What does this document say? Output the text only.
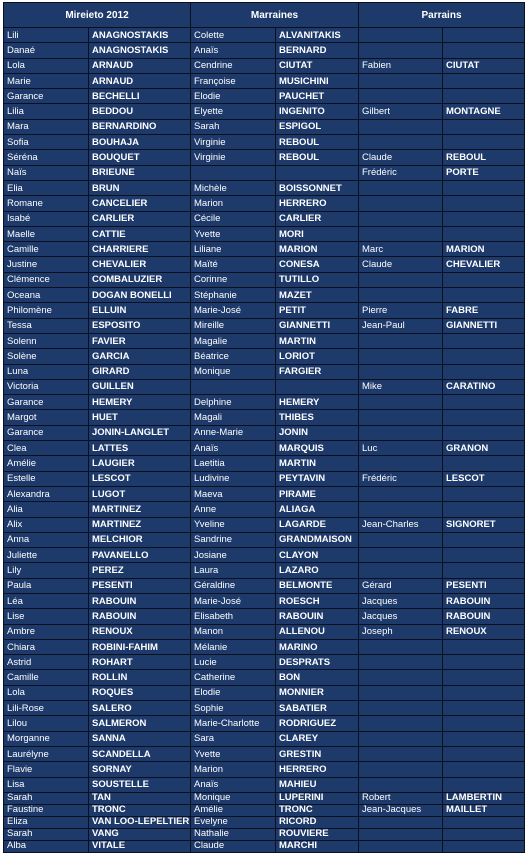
Mireieto 2012		Marraines		Parrains	
Lili	ANAGNOSTAKIS	Colette	ALVANITAKIS		
Danaé	ANAGNOSTAKIS	Anaïs	BERNARD		
Lola	ARNAUD	Cendrine	CIUTAT	Fabien	CIUTAT
Marie	ARNAUD	Françoise	MUSICHINI		
Garance	BECHELLI	Elodie	PAUCHET		
Lilia	BEDDOU	Elyette	INGENITO	Gilbert	MONTAGNE
Mara	BERNARDINO	Sarah	ESPIGOL		
Sofia	BOUHAJA	Virginie	REBOUL		
Séréna	BOUQUET	Virginie	REBOUL	Claude	REBOUL
Naïs	BRIEUNE			Frédéric	PORTE
Elia	BRUN	Michèle	BOISSONNET		
Romane	CANCELIER	Marion	HERRERO		
Isabé	CARLIER	Cécile	CARLIER		
Maelle	CATTIE	Yvette	MORI		
Camille	CHARRIERE	Liliane	MARION	Marc	MARION
Justine	CHEVALIER	Maïté	CONESA	Claude	CHEVALIER
Clémence	COMBALUZIER	Corinne	TUTILLO		
Oceana	DOGAN BONELLI	Stéphanie	MAZET		
Philomène	ELLUIN	Marie-José	PETIT	Pierre	FABRE
Tessa	ESPOSITO	Mireille	GIANNETTI	Jean-Paul	GIANNETTI
Solenn	FAVIER	Magalie	MARTIN		
Solène	GARCIA	Béatrice	LORIOT		
Luna	GIRARD	Monique	FARGIER		
Victoria	GUILLEN			Mike	CARATINO
Garance	HEMERY	Delphine	HEMERY		
Margot	HUET	Magali	THIBES		
Garance	JONIN-LANGLET	Anne-Marie	JONIN		
Clea	LATTES	Anaïs	MARQUIS	Luc	GRANON
Amélie	LAUGIER	Laetitia	MARTIN		
Estelle	LESCOT	Ludivine	PEYTAVIN	Frédéric	LESCOT
Alexandra	LUGOT	Maeva	PIRAME		
Alia	MARTINEZ	Anne	ALIAGA		
Alix	MARTINEZ	Yveline	LAGARDE	Jean-Charles	SIGNORET
Anna	MELCHIOR	Sandrine	GRANDMAISON		
Juliette	PAVANELLO	Josiane	CLAYON		
Lily	PEREZ	Laura	LAZARO		
Paula	PESENTI	Géraldine	BELMONTE	Gérard	PESENTI
Léa	RABOUIN	Marie-José	ROESCH	Jacques	RABOUIN
Lise	RABOUIN	Elisabeth	RABOUIN	Jacques	RABOUIN
Ambre	RENOUX	Manon	ALLENOU	Joseph	RENOUX
Chiara	ROBINI-FAHIM	Mélanie	MARINO		
Astrid	ROHART	Lucie	DESPRATS		
Camille	ROLLIN	Catherine	BON		
Lola	ROQUES	Elodie	MONNIER		
Lili-Rose	SALERO	Sophie	SABATIER		
Lilou	SALMERON	Marie-Charlotte	RODRIGUEZ		
Morganne	SANNA	Sara	CLAREY		
Laurélyne	SCANDELLA	Yvette	GRESTIN		
Flavie	SORNAY	Marion	HERRERO		
Lisa	SOUSTELLE	Anaïs	MAHIEU		
Sarah	TAN	Monique	LUPERINI	Robert	LAMBERTIN
Faustine	TRONC	Amélie	TRONC	Jean-Jacques	MAILLET
Eliza	VAN LOO-LEPELTIER	Evelyne	RICORD		
Sarah	VANG	Nathalie	ROUVIERE		
Alba	VITALE	Claude	MARCHI		
